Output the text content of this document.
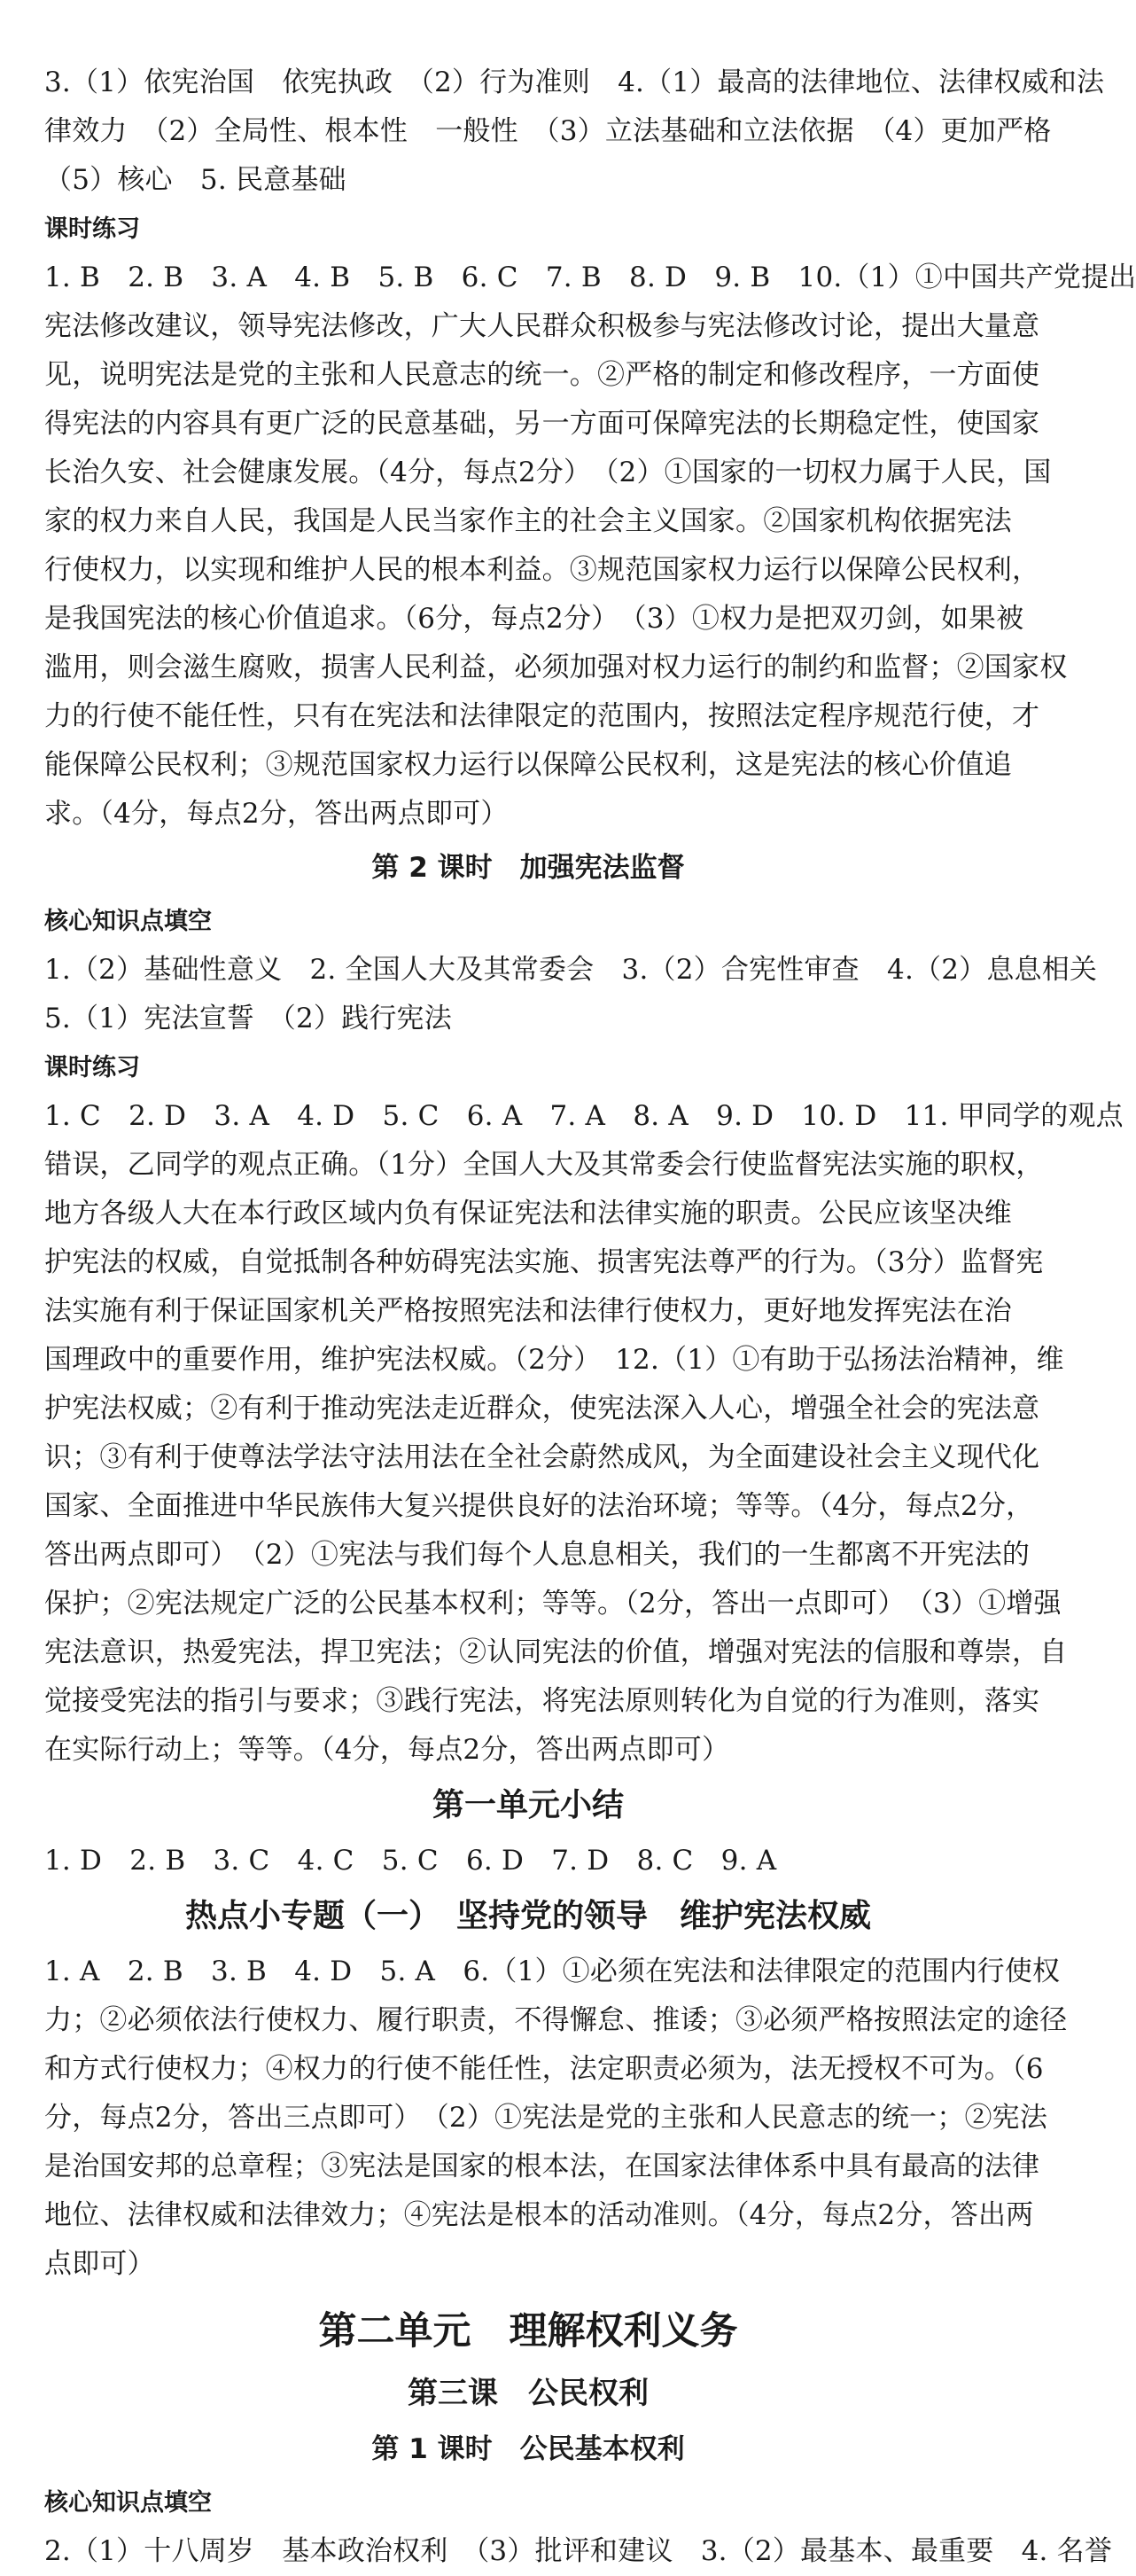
3.（1）依宪治国　依宪执政　（2）行为准则　4.（1）最高的法律地位、法律权威和法
律效力　（2）全局性、根本性　一般性　（3）立法基础和立法依据　（4）更加严格
（5）核心　5. 民意基础
课时练习
1. B　2. B　3. A　4. B　5. B　6. C　7. B　8. D　9. B　10.（1）①中国共产党提出
宪法修改建议，领导宪法修改，广大人民群众积极参与宪法修改讨论，提出大量意
见，说明宪法是党的主张和人民意志的统一。②严格的制定和修改程序，一方面使
得宪法的内容具有更广泛的民意基础，另一方面可保障宪法的长期稳定性，使国家
长治久安、社会健康发展。（4分，每点2分）　（2）①国家的一切权力属于人民，国
家的权力来自人民，我国是人民当家作主的社会主义国家。②国家机构依据宪法
行使权力，以实现和维护人民的根本利益。③规范国家权力运行以保障公民权利，
是我国宪法的核心价值追求。（6分，每点2分）　（3）①权力是把双刃剑，如果被
滥用，则会滋生腐败，损害人民利益，必须加强对权力运行的制约和监督；②国家权
力的行使不能任性，只有在宪法和法律限定的范围内，按照法定程序规范行使，才
能保障公民权利；③规范国家权力运行以保障公民权利，这是宪法的核心价值追
求。（4分，每点2分，答出两点即可）
第 2 课时　加强宪法监督
核心知识点填空
1.（2）基础性意义　2. 全国人大及其常委会　3.（2）合宪性审查　4.（2）息息相关
5.（1）宪法宣誓　（2）践行宪法
课时练习
1. C　2. D　3. A　4. D　5. C　6. A　7. A　8. A　9. D　10. D　11. 甲同学的观点
错误，乙同学的观点正确。（1分）全国人大及其常委会行使监督宪法实施的职权，
地方各级人大在本行政区域内负有保证宪法和法律实施的职责。公民应该坚决维
护宪法的权威，自觉抵制各种妨碍宪法实施、损害宪法尊严的行为。（3分）监督宪
法实施有利于保证国家机关严格按照宪法和法律行使权力，更好地发挥宪法在治
国理政中的重要作用，维护宪法权威。（2分）　12.（1）①有助于弘扬法治精神，维
护宪法权威；②有利于推动宪法走近群众，使宪法深入人心，增强全社会的宪法意
识；③有利于使尊法学法守法用法在全社会蔚然成风，为全面建设社会主义现代化
国家、全面推进中华民族伟大复兴提供良好的法治环境；等等。（4分，每点2分，
答出两点即可）　（2）①宪法与我们每个人息息相关，我们的一生都离不开宪法的
保护；②宪法规定广泛的公民基本权利；等等。（2分，答出一点即可）　（3）①增强
宪法意识，热爱宪法，捍卫宪法；②认同宪法的价值，增强对宪法的信服和尊崇，自
觉接受宪法的指引与要求；③践行宪法，将宪法原则转化为自觉的行为准则，落实
在实际行动上；等等。（4分，每点2分，答出两点即可）
第一单元小结
1. D　2. B　3. C　4. C　5. C　6. D　7. D　8. C　9. A
热点小专题（一）　坚持党的领导　维护宪法权威
1. A　2. B　3. B　4. D　5. A　6.（1）①必须在宪法和法律限定的范围内行使权
力；②必须依法行使权力、履行职责，不得懈怠、推诿；③必须严格按照法定的途径
和方式行使权力；④权力的行使不能任性，法定职责必须为，法无授权不可为。（6
分，每点2分，答出三点即可）　（2）①宪法是党的主张和人民意志的统一；②宪法
是治国安邦的总章程；③宪法是国家的根本法，在国家法律体系中具有最高的法律
地位、法律权威和法律效力；④宪法是根本的活动准则。（4分，每点2分，答出两
点即可）
第二单元　理解权利义务
第三课　公民权利
第 1 课时　公民基本权利
核心知识点填空
2.（1）十八周岁　基本政治权利　（3）批评和建议　3.（2）最基本、最重要　4. 名誉
